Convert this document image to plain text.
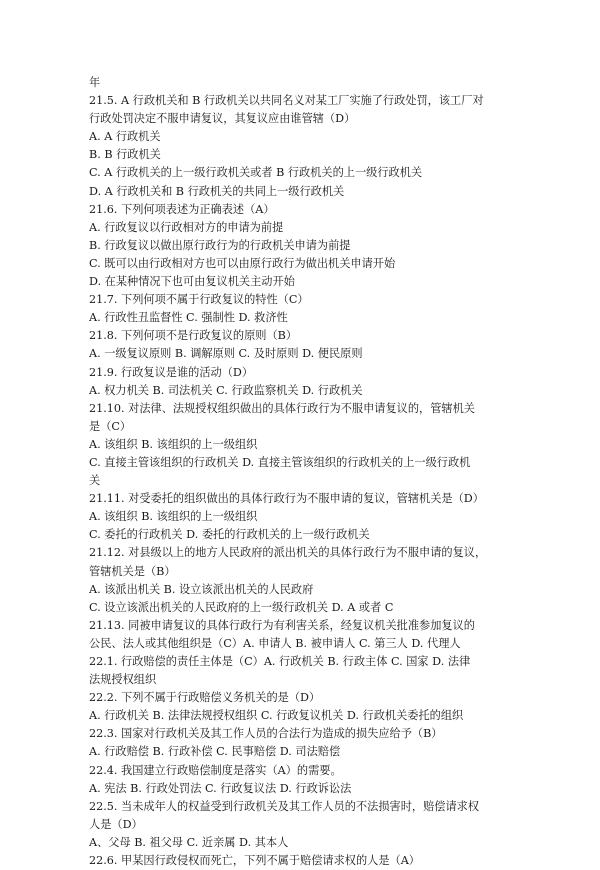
年
21.5. A 行政机关和 B 行政机关以共同名义对某工厂实施了行政处罚，该工厂对
行政处罚决定不服申请复议，其复议应由谁管辖（D）
A. A 行政机关
B. B 行政机关
C. A 行政机关的上一级行政机关或者 B 行政机关的上一级行政机关
D. A 行政机关和 B 行政机关的共同上一级行政机关
21.6. 下列何项表述为正确表述（A）
A. 行政复议以行政相对方的申请为前提
B. 行政复议以做出原行政行为的行政机关申请为前提
C. 既可以由行政相对方也可以由原行政行为做出机关申请开始
D. 在某种情况下也可由复议机关主动开始
21.7. 下列何项不属于行政复议的特性（C）
A. 行政性丑监督性 C. 强制性 D. 救济性
21.8. 下列何项不是行政复议的原则（B）
A. 一级复议原则 B. 调解原则 C. 及时原则 D. 便民原则
21.9. 行政复议是谁的活动（D）
A. 权力机关 B. 司法机关 C. 行政监察机关 D. 行政机关
21.10. 对法律、法规授权组织做出的具体行政行为不服申请复议的，管辖机关
是（C）
A. 该组织 B. 该组织的上一级组织
C. 直接主管该组织的行政机关 D. 直接主管该组织的行政机关的上一级行政机
关
21.11. 对受委托的组织做出的具体行政行为不服申请的复议，管辖机关是（D）
A. 该组织 B. 该组织的上一级组织
C. 委托的行政机关 D. 委托的行政机关的上一级行政机关
21.12. 对县级以上的地方人民政府的派出机关的具体行政行为不服申请的复议，
管辖机关是（B）
A. 该派出机关 B. 设立该派出机关的人民政府
C. 设立该派出机关的人民政府的上一级行政机关 D. A 或者 C
21.13. 同被申请复议的具体行政行为有利害关系，经复议机关批准参加复议的
公民、法人或其他组织是（C）A. 申请人 B. 被申请人 C. 第三人 D. 代理人
22.1. 行政赔偿的责任主体是（C）A. 行政机关 B. 行政主体 C. 国家 D. 法律
法规授权组织
22.2. 下列不属于行政赔偿义务机关的是（D）
A. 行政机关 B. 法律法规授权组织 C. 行政复议机关 D. 行政机关委托的组织
22.3. 国家对行政机关及其工作人员的合法行为造成的损失应给予（B）
A. 行政赔偿 B. 行政补偿 C. 民事赔偿 D. 司法赔偿
22.4. 我国建立行政赔偿制度是落实（A）的需要。
A. 宪法 B. 行政处罚法 C. 行政复议法 D. 行政诉讼法
22.5. 当未成年人的权益受到行政机关及其工作人员的不法损害时，赔偿请求权
人是（D）
A、父母 B. 祖父母 C. 近亲属 D. 其本人
22.6. 甲某因行政侵权而死亡，下列不属于赔偿请求权的人是（A）
